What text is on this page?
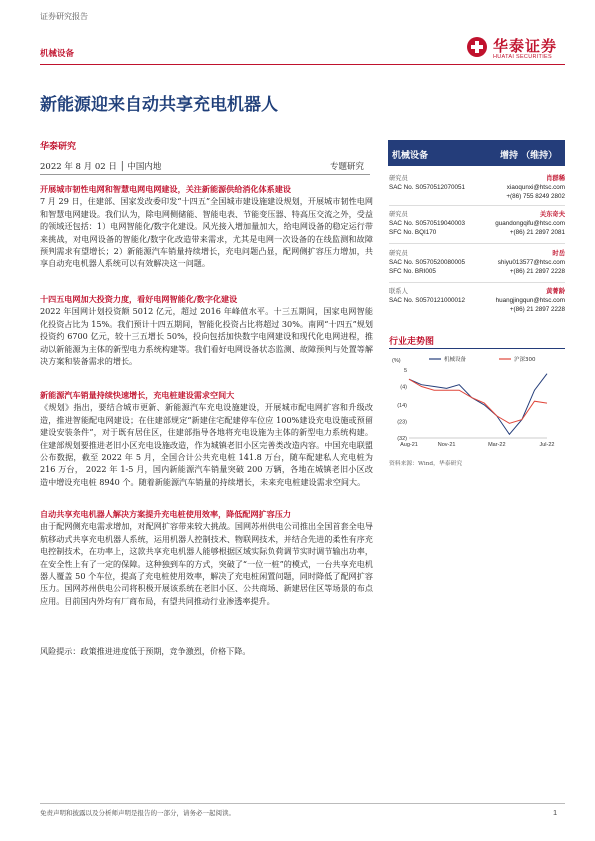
证券研究报告
机械设备	华泰证券
HUATAI SECURITIES
新能源迎来自动共享充电机器人
华泰研究
2022 年 8 月 02 日 │ 中国内地	专题研究
开展城市韧性电网和智慧电网电网建设，关注新能源供给消化体系建设
7 月 29 日，住建部、国家发改委印发“十四五”全国城市建设施建设规划，开展城市韧性电网和智慧电网建设。我们认为，除电网侧储能、智能电表、节能变压器、特高压交流之外，受益的领域还包括：1）电网智能化/数字化建设。风光接入增加量加大，给电网设备的稳定运行带来挑战，对电网设备的智能化/数字化改造带来需求，尤其是电网一次设备的在线监测和故障预判需求有望增长；2）新能源汽车销量持续增长，充电问题凸显，配网侧扩容压力增加，共享自动充电机器人系统可以有效解决这一问题。
十四五电网加大投资力度，看好电网智能化/数字化建设
2022 年国网计划投资额 5012 亿元，超过 2016 年峰值水平。十三五期间，国家电网智能化投资占比为 15%。我们预计十四五期间，智能化投资占比将超过 30%。南网“十四五”规划投资约 6700 亿元，较十三五增长 50%，投向包括加快数字电网建设和现代化电网进程，推动以新能源为主体的新型电力系统构建等。我们看好电网设备状态监测、故障预判与处置等解决方案和装备需求的增长。
新能源汽车销量持续快速增长，充电桩建设需求空间大
《规划》指出，要结合城市更新、新能源汽车充电设施建设，开展城市配电网扩容和升级改造，推进智能配电网建设；在住建部规定“新建住宅配建停车位应 100%建设充电设施或预留建设安装条件”，对于既有居住区，住建部指导各地将充电设施为主体的新型电力系统构建。住建部规划要推进老旧小区充电设施改造，作为城镇老旧小区完善类改造内容。中国充电联盟公布数据，截至 2022 年 5 月，全国合计公共充电桩 141.8 万台，随车配建私人充电桩为 216 万台， 2022 年 1-5 月，国内新能源汽车销量突破 200 万辆，各地在城镇老旧小区改造中增设充电桩 8940 个。随着新能源汽车销量的持续增长，未来充电桩建设需求空间大。
自动共享充电机器人解决方案提升充电桩使用效率，降低配网扩容压力
由于配网侧充电需求增加，对配网扩容带来较大挑战。国网苏州供电公司推出全国首套全电导航移动式共享充电机器人系统，运用机器人控制技术、物联网技术，并结合先进的柔性有序充电控制技术，在功率上，这款共享充电机器人能够根据区域实际负荷调节实时调节输出功率，在安全性上有了一定的保障。这种独到车的方式，突破了“一位一桩”的模式，一台共享充电机器人覆盖 50 个车位，提高了充电桩使用效率，解决了充电桩闲置问题，同时降低了配网扩容压力。国网苏州供电公司将积极开展该系统在老旧小区、公共商场、新建居住区等场景的布点应用。目前国内外均有厂商布局，有望共同推动行业渗透率提升。
风险提示：政策推进进度低于预期，竞争激烈，价格下降。
机械设备	增持 （维持）
研究员	肖群稀
SAC No. S0570512070051	xiaoqunxi@htsc.com
+(86) 755 8249 2802
研究员	关东奇夫
SAC No. S0570519040003	guandongqifu@htsc.com
SFC No. BQI170	+(86) 21 2897 2081
研究员	时岳
SAC No. S0570520080005	shiyu013577@htsc.com
SFC No. BRI005	+(86) 21 2897 2228
联系人	黄菁龄
SAC No. S0570121000012	huangjingqun@htsc.com
+(86) 21 2897 2228
行业走势图
(%)
5
(4)
(14)
(23)
(32)
Aug-21	Nov-21	Mar-22	Jul-22
机械设备	沪深300
资料来源：Wind，华泰研究
免责声明和披露以及分析师声明是报告的一部分，请务必一起阅读。	1
